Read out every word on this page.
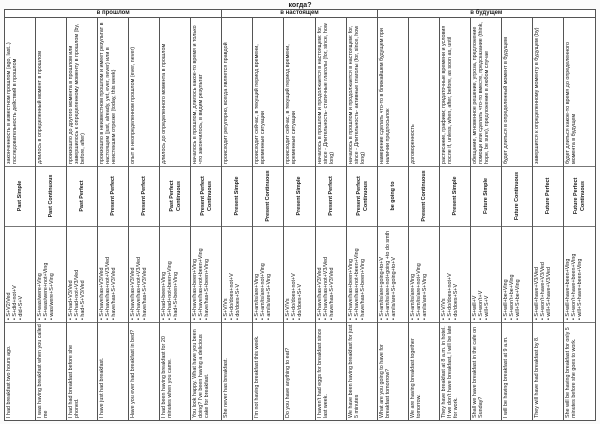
когда?
в прошлом	в настоящем	в будущем
I had breakfast two hours ago.
• S+V2/Ved
• S+did+not+V
• did+S+V
Past Simple
законченность в известном прошлом (ago, last..) последовательность действий в прошлом
I was having breakfast when you called me
• S+was/were+Ving
• S+was/were+not+Ving
• was/were+S+Ving
Past Continuous
длилось в определенный момент в прошлом
I had had breakfast before she phoned.
• S+had+V3/Ved
• S+had+not+V3/Ved
• had+S+V3/Ved
Past Perfect
произошло до другого момента в прошлом или завершилось к определенному моменту в прошлом (by, before, after)
I have just had breakfast.
• S+have/has+V3/Ved
• S+have/has+not+V3/Ved
• have/has+S+V3/Ved
Present Perfect
произошло в неизвестном прошлом и имеет результат в настоящем (just, already, yet, ever, never) или в неистекшем отрезке (today, this week)
Have you ever had breakfast in bed?
• S+have/has+V3/Ved
• S+have/has+not+V3/Ved
• have/has+S+V3/Ved
Present Perfect
опыт в неопределенном прошлом (ever, never)
I had been having breakfast for 20 minutes when you came.
• S+had+been+Ving
• S+had+not+been+Ving
• had+S+been+Ving
Past Perfect Continuous
длилось до определенного момента в прошлом
You look happy. What have you been doing? I've been having a delicious cake for breakfast.
• S+have/has+been+Ving
• S+have/has+not+been+Ving
• have/has+S+been+Ving
Present Perfect Continuous
началось в прошлом, длилось какое-то время и только что закончилось, в видим результат
She never has breakfast.
• S+V/Vs
• S+do/does+not+V
• do/does+S+V
Present Simple
происходит регулярно, всегда является правдой
I'm not having breakfast this week.
• S+am/is/are+Ving
• S+am/is/are+not+Ving
• am/is/are+S+Ving
Present Continuous
происходит сейчас, в текущий период времени, временные ситуации
Do you have anything to eat?
• S+V/Vs
• S+do/does+not+V
• do/does+S+V
Present Simple
происходит сейчас, в текущий период времени, временные ситуации
I haven't had eggs for breakfast since last week.
• S+have/has+V3/Ved
• S+have/has+not+V3/Ved
• have/has+S+V3/Ved
Present Perfect
началось в прошлом и продолжается в настоящем: for, since - Длительность- статичные глаголы (for, since, how long)
We have been having breakfast for just 5 minutes
• S+have/has+been+Ving
• S+have/has+not+been+Ving
• have/has+S+been+Ving
Present Perfect Continuous
началось в прошлом и продолжается в настоящем: for, since - Длительность- активные глаголы (for, since, how long)
What are you going to have for breakfast tomorrow?
• S+am/is/are+going+to+V
• S+am/is/are+not+going +to do smth
• am/is/are+S+going+to+V
be going to
намерение сделать что-то в ближайшем будущем при наличии предпосылок
We are having breakfast together tomorrow.
• S+am/is/are+Ving
• S+am/is/are+not+Ving
• am/is/are+S+Ving
Present Continuous
договоренность
They have breakfast at 8 a.m. in hotel. If we don't have breakfast, I will be late for work.
• S+V/Vs
• S+do/does+not+V
• do/does+S+V
Present Simple
расписание, графики; придаточные времени и условия после if, unless, when, after, before, as soon as, until
Shall we have breakfast in the cafe on Sunday?
• S+will+V
• S+won't+V
• will+S+V
Future Simple
обещание, мгновенное решение, угроза, предложение помощи или сделать что-то вместе, предсказание (think, hope, be sure), предложение в любом случае
I will be having breakfast at 9 a.m.
• S+will+be+Ving
• S+won't+be+Ving
• will+S+be+Ving
Future Continuous
будет длиться в определенный момент в будущем
They will have had breakfast by 8.
• S+will+have+V3/Ved
• S+won't+have+V3/Ved
• will+S+have+V3/Ved
Future Perfect
завершится к определенному моменту в будущем (by)
She will be having breakfast for only 5 minutes before she goes to work.
• S+will+have+been+Ving
• S+won't+have+been+Ving
• will+S+have+been+Ving
Future Perfect Continuous
будет длиться какое-то время до определенного момента в будущем
